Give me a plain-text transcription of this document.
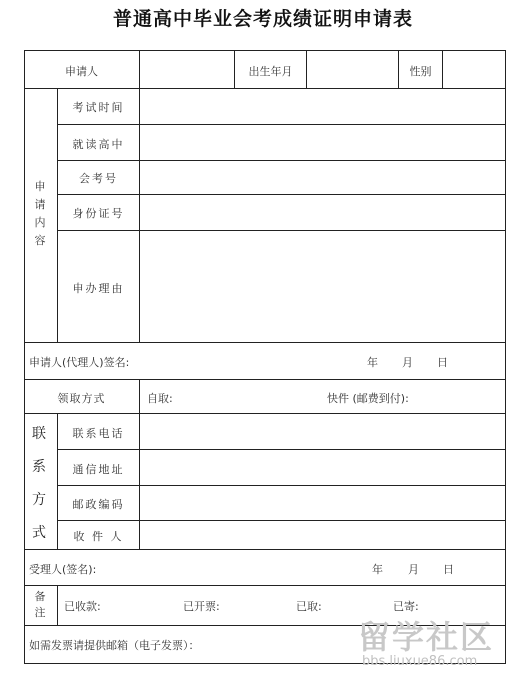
普通高中毕业会考成绩证明申请表
申请人	出生年月	性别
申请内容
考试时间
就读高中
会考号
身份证号
申办理由
申请人(代理人)签名:	年 月 日
领取方式	自取:	快件 (邮费到付):
联系方式
联系电话
通信地址
邮政编码
收 件 人
受理人(签名):	年 月 日
备注 已收款:	已开票:	已取:	已寄:
如需发票请提供邮箱（电子发票）：	留学社区
bbs.liuxue86.com
